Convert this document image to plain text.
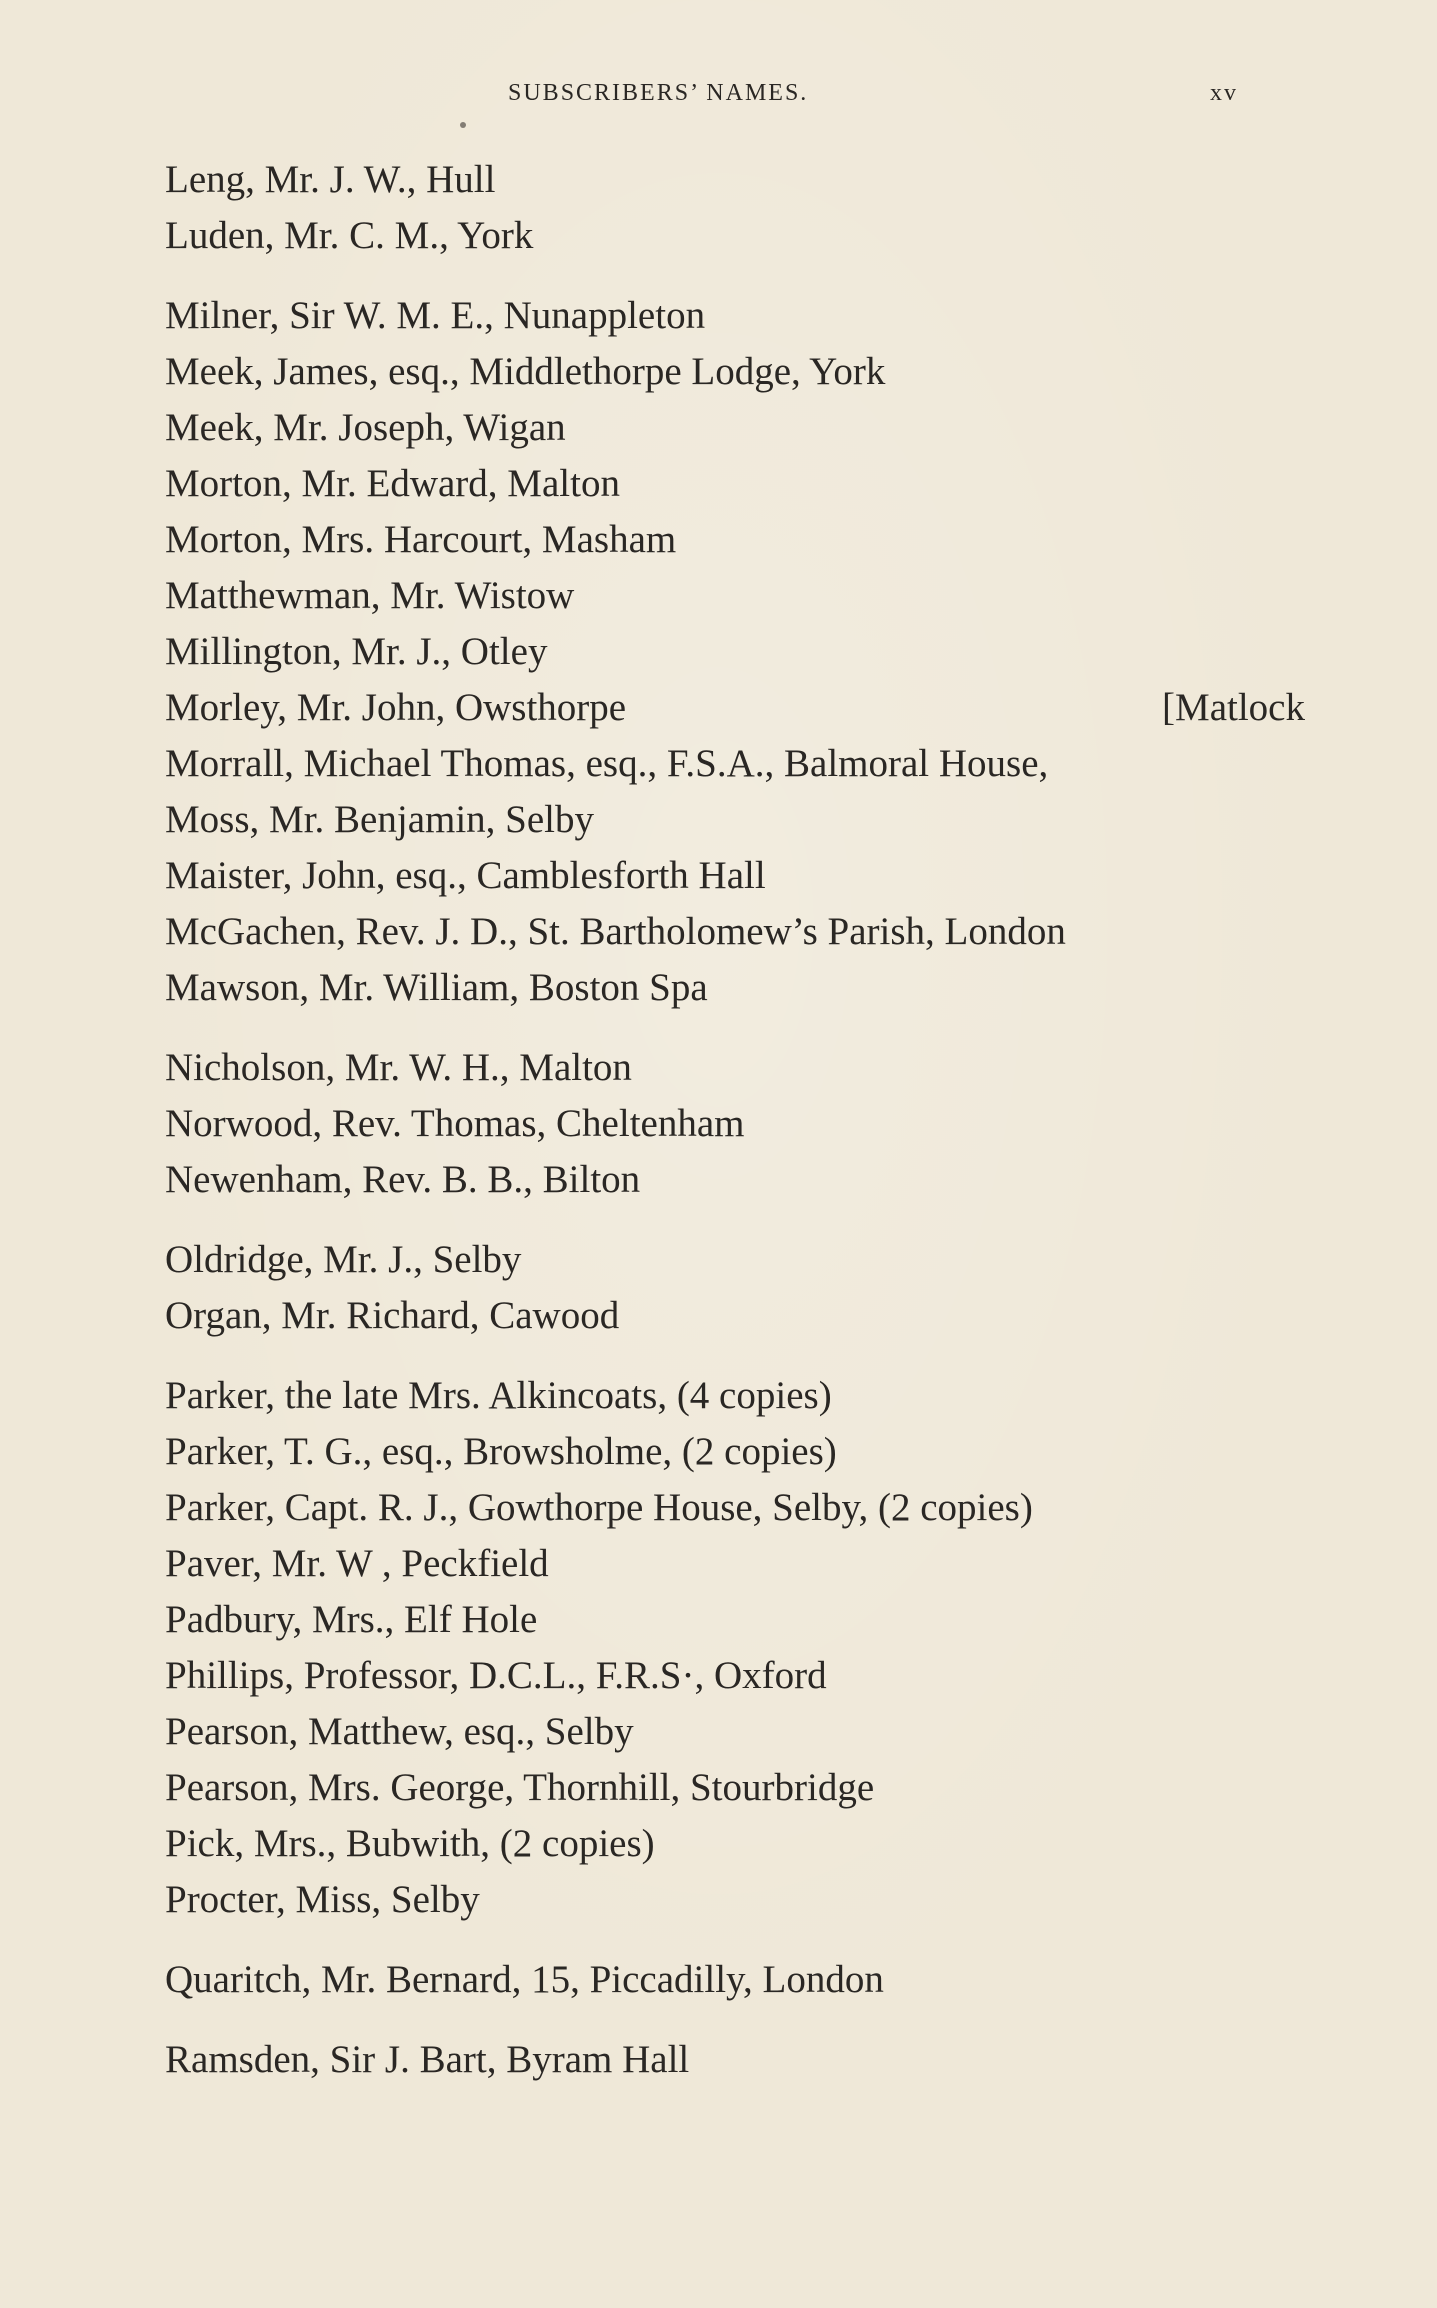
SUBSCRIBERS’ NAMES.	xv
Leng, Mr. J. W., Hull
Luden, Mr. C. M., York
Milner, Sir W. M. E., Nunappleton
Meek, James, esq., Middlethorpe Lodge, York
Meek, Mr. Joseph, Wigan
Morton, Mr. Edward, Malton
Morton, Mrs. Harcourt, Masham
Matthewman, Mr. Wistow
Millington, Mr. J., Otley
Morley, Mr. John, Owsthorpe	[Matlock
Morrall, Michael Thomas, esq., F.S.A., Balmoral House,
Moss, Mr. Benjamin, Selby
Maister, John, esq., Camblesforth Hall
McGachen, Rev. J. D., St. Bartholomew’s Parish, London
Mawson, Mr. William, Boston Spa
Nicholson, Mr. W. H., Malton
Norwood, Rev. Thomas, Cheltenham
Newenham, Rev. B. B., Bilton
Oldridge, Mr. J., Selby
Organ, Mr. Richard, Cawood
Parker, the late Mrs. Alkincoats, (4 copies)
Parker, T. G., esq., Browsholme, (2 copies)
Parker, Capt. R. J., Gowthorpe House, Selby, (2 copies)
Paver, Mr. W , Peckfield
Padbury, Mrs., Elf Hole
Phillips, Professor, D.C.L., F.R.S·, Oxford
Pearson, Matthew, esq., Selby
Pearson, Mrs. George, Thornhill, Stourbridge
Pick, Mrs., Bubwith, (2 copies)
Procter, Miss, Selby
Quaritch, Mr. Bernard, 15, Piccadilly, London
Ramsden, Sir J. Bart, Byram Hall
